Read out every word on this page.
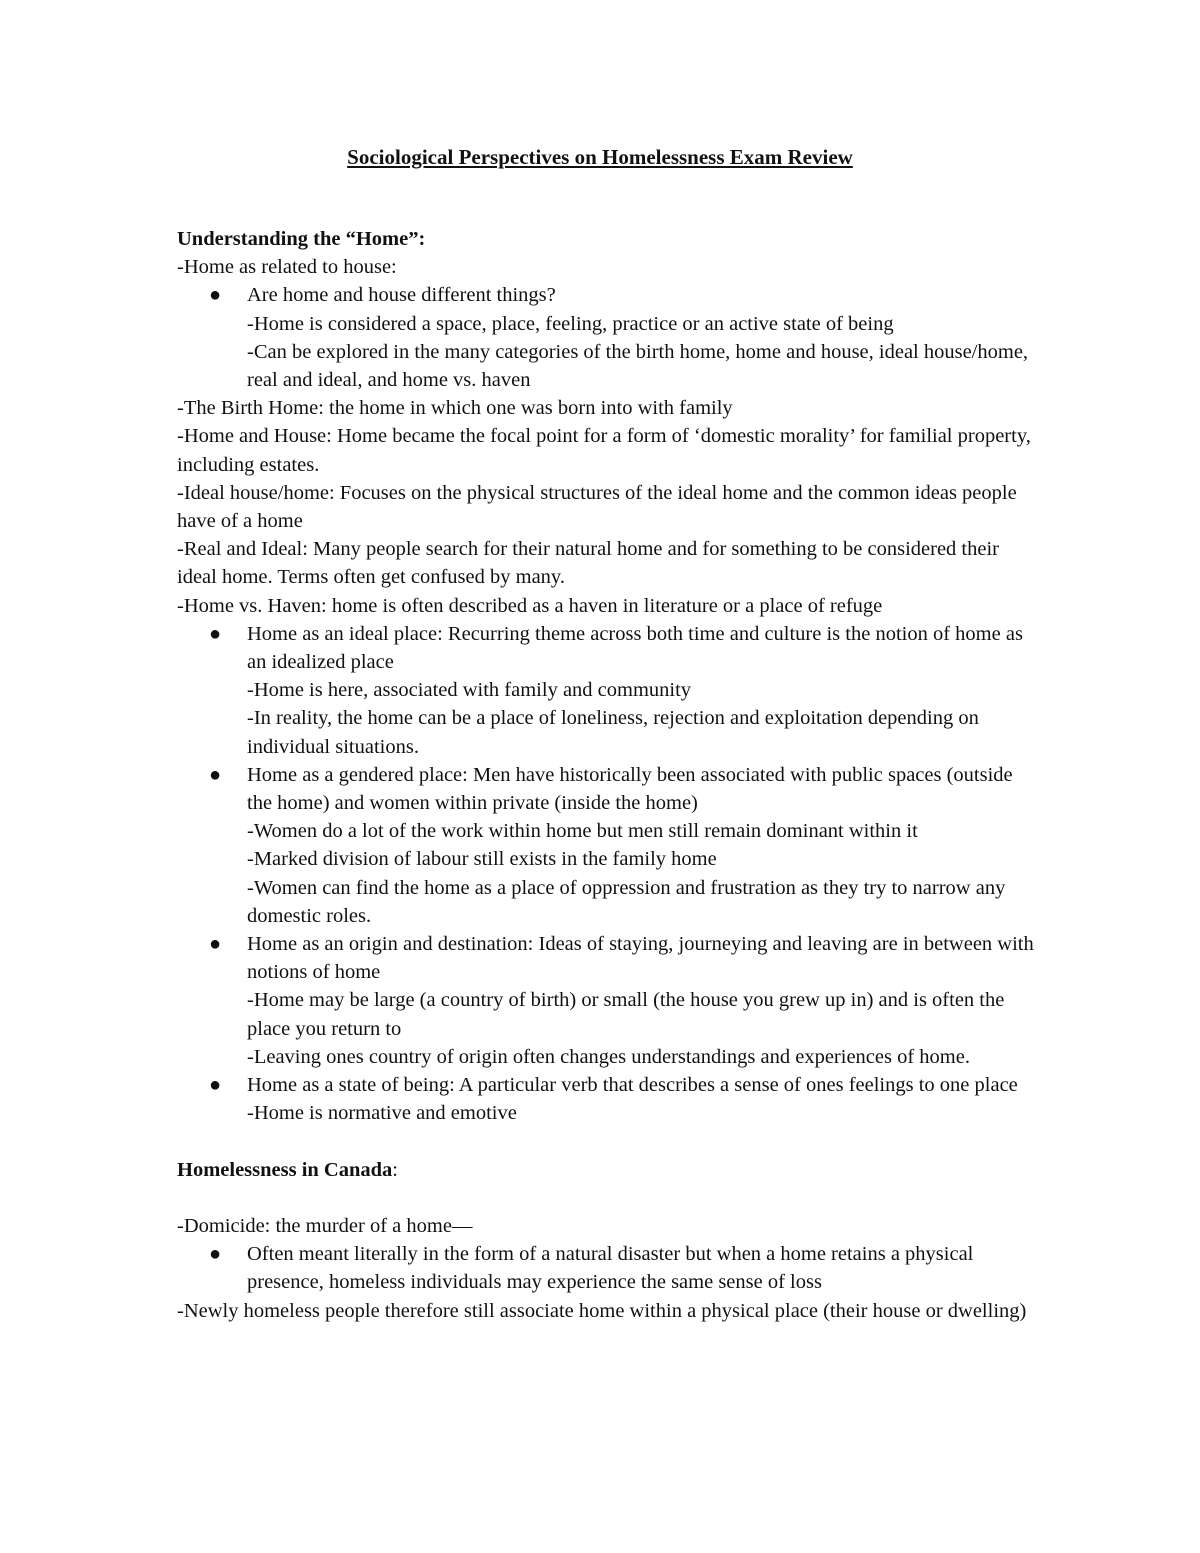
Sociological Perspectives on Homelessness Exam Review

Understanding the “Home”:

-Home as related to house:

● Are home and house different things?

-Home is considered a space, place, feeling, practice or an active state of being

-Can be explored in the many categories of the birth home, home and house, ideal house/home, real and ideal, and home vs. haven

-The Birth Home: the home in which one was born into with family

-Home and House: Home became the focal point for a form of ‘domestic morality’ for familial property, including estates.

-Ideal house/home: Focuses on the physical structures of the ideal home and the common ideas people have of a home

-Real and Ideal: Many people search for their natural home and for something to be considered their ideal home. Terms often get confused by many.

-Home vs. Haven: home is often described as a haven in literature or a place of refuge

● Home as an ideal place: Recurring theme across both time and culture is the notion of home as an idealized place

-Home is here, associated with family and community

-In reality, the home can be a place of loneliness, rejection and exploitation depending on individual situations.

● Home as a gendered place: Men have historically been associated with public spaces (outside the home) and women within private (inside the home)

-Women do a lot of the work within home but men still remain dominant within it

-Marked division of labour still exists in the family home

-Women can find the home as a place of oppression and frustration as they try to narrow any domestic roles.

● Home as an origin and destination: Ideas of staying, journeying and leaving are in between with notions of home

-Home may be large (a country of birth) or small (the house you grew up in) and is often the place you return to

-Leaving ones country of origin often changes understandings and experiences of home.

● Home as a state of being: A particular verb that describes a sense of ones feelings to one place

-Home is normative and emotive

Homelessness in Canada:

-Domicide: the murder of a home—

● Often meant literally in the form of a natural disaster but when a home retains a physical presence, homeless individuals may experience the same sense of loss

-Newly homeless people therefore still associate home within a physical place (their house or dwelling)
